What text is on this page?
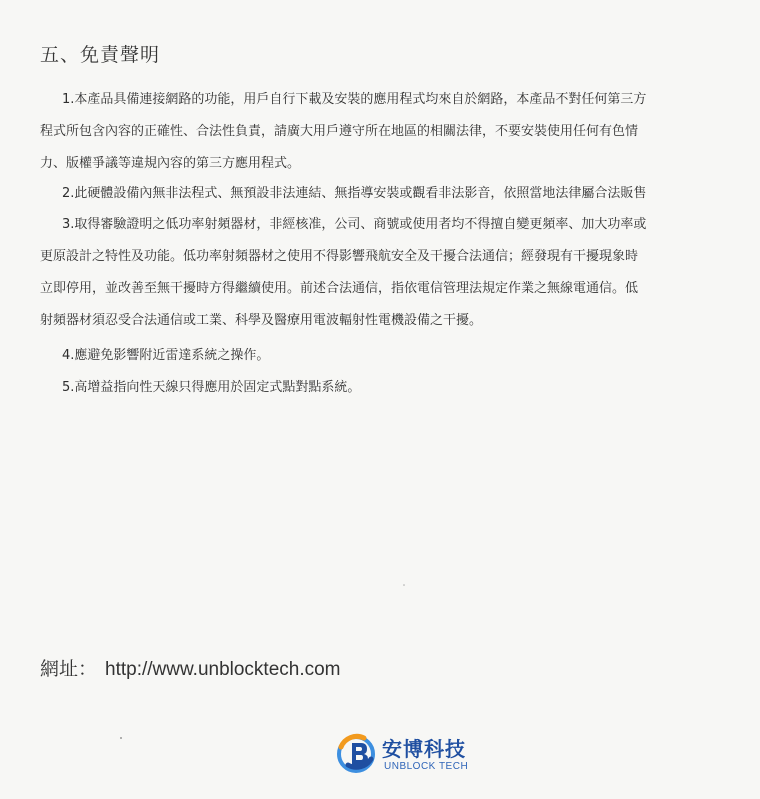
五、免責聲明
1.本產品具備連接網路的功能，用戶自行下載及安裝的應用程式均來自於網路，本產品不對任何第三方
程式所包含內容的正確性、合法性負責，請廣大用戶遵守所在地區的相關法律，不要安裝使用任何有色情
力、版權爭議等違規內容的第三方應用程式。
2.此硬體設備內無非法程式、無預設非法連結、無指導安裝或觀看非法影音，依照當地法律屬合法販售
3.取得審驗證明之低功率射頻器材，非經核准，公司、商號或使用者均不得擅自變更頻率、加大功率或
更原設計之特性及功能。低功率射頻器材之使用不得影響飛航安全及干擾合法通信；經發現有干擾現象時
立即停用，並改善至無干擾時方得繼續使用。前述合法通信，指依電信管理法規定作業之無線電通信。低
射頻器材須忍受合法通信或工業、科學及醫療用電波輻射性電機設備之干擾。
4.應避免影響附近雷達系統之操作。
5.高增益指向性天線只得應用於固定式點對點系統。
網址： http://www.unblocktech.com
安博科技
UNBLOCK TECH
